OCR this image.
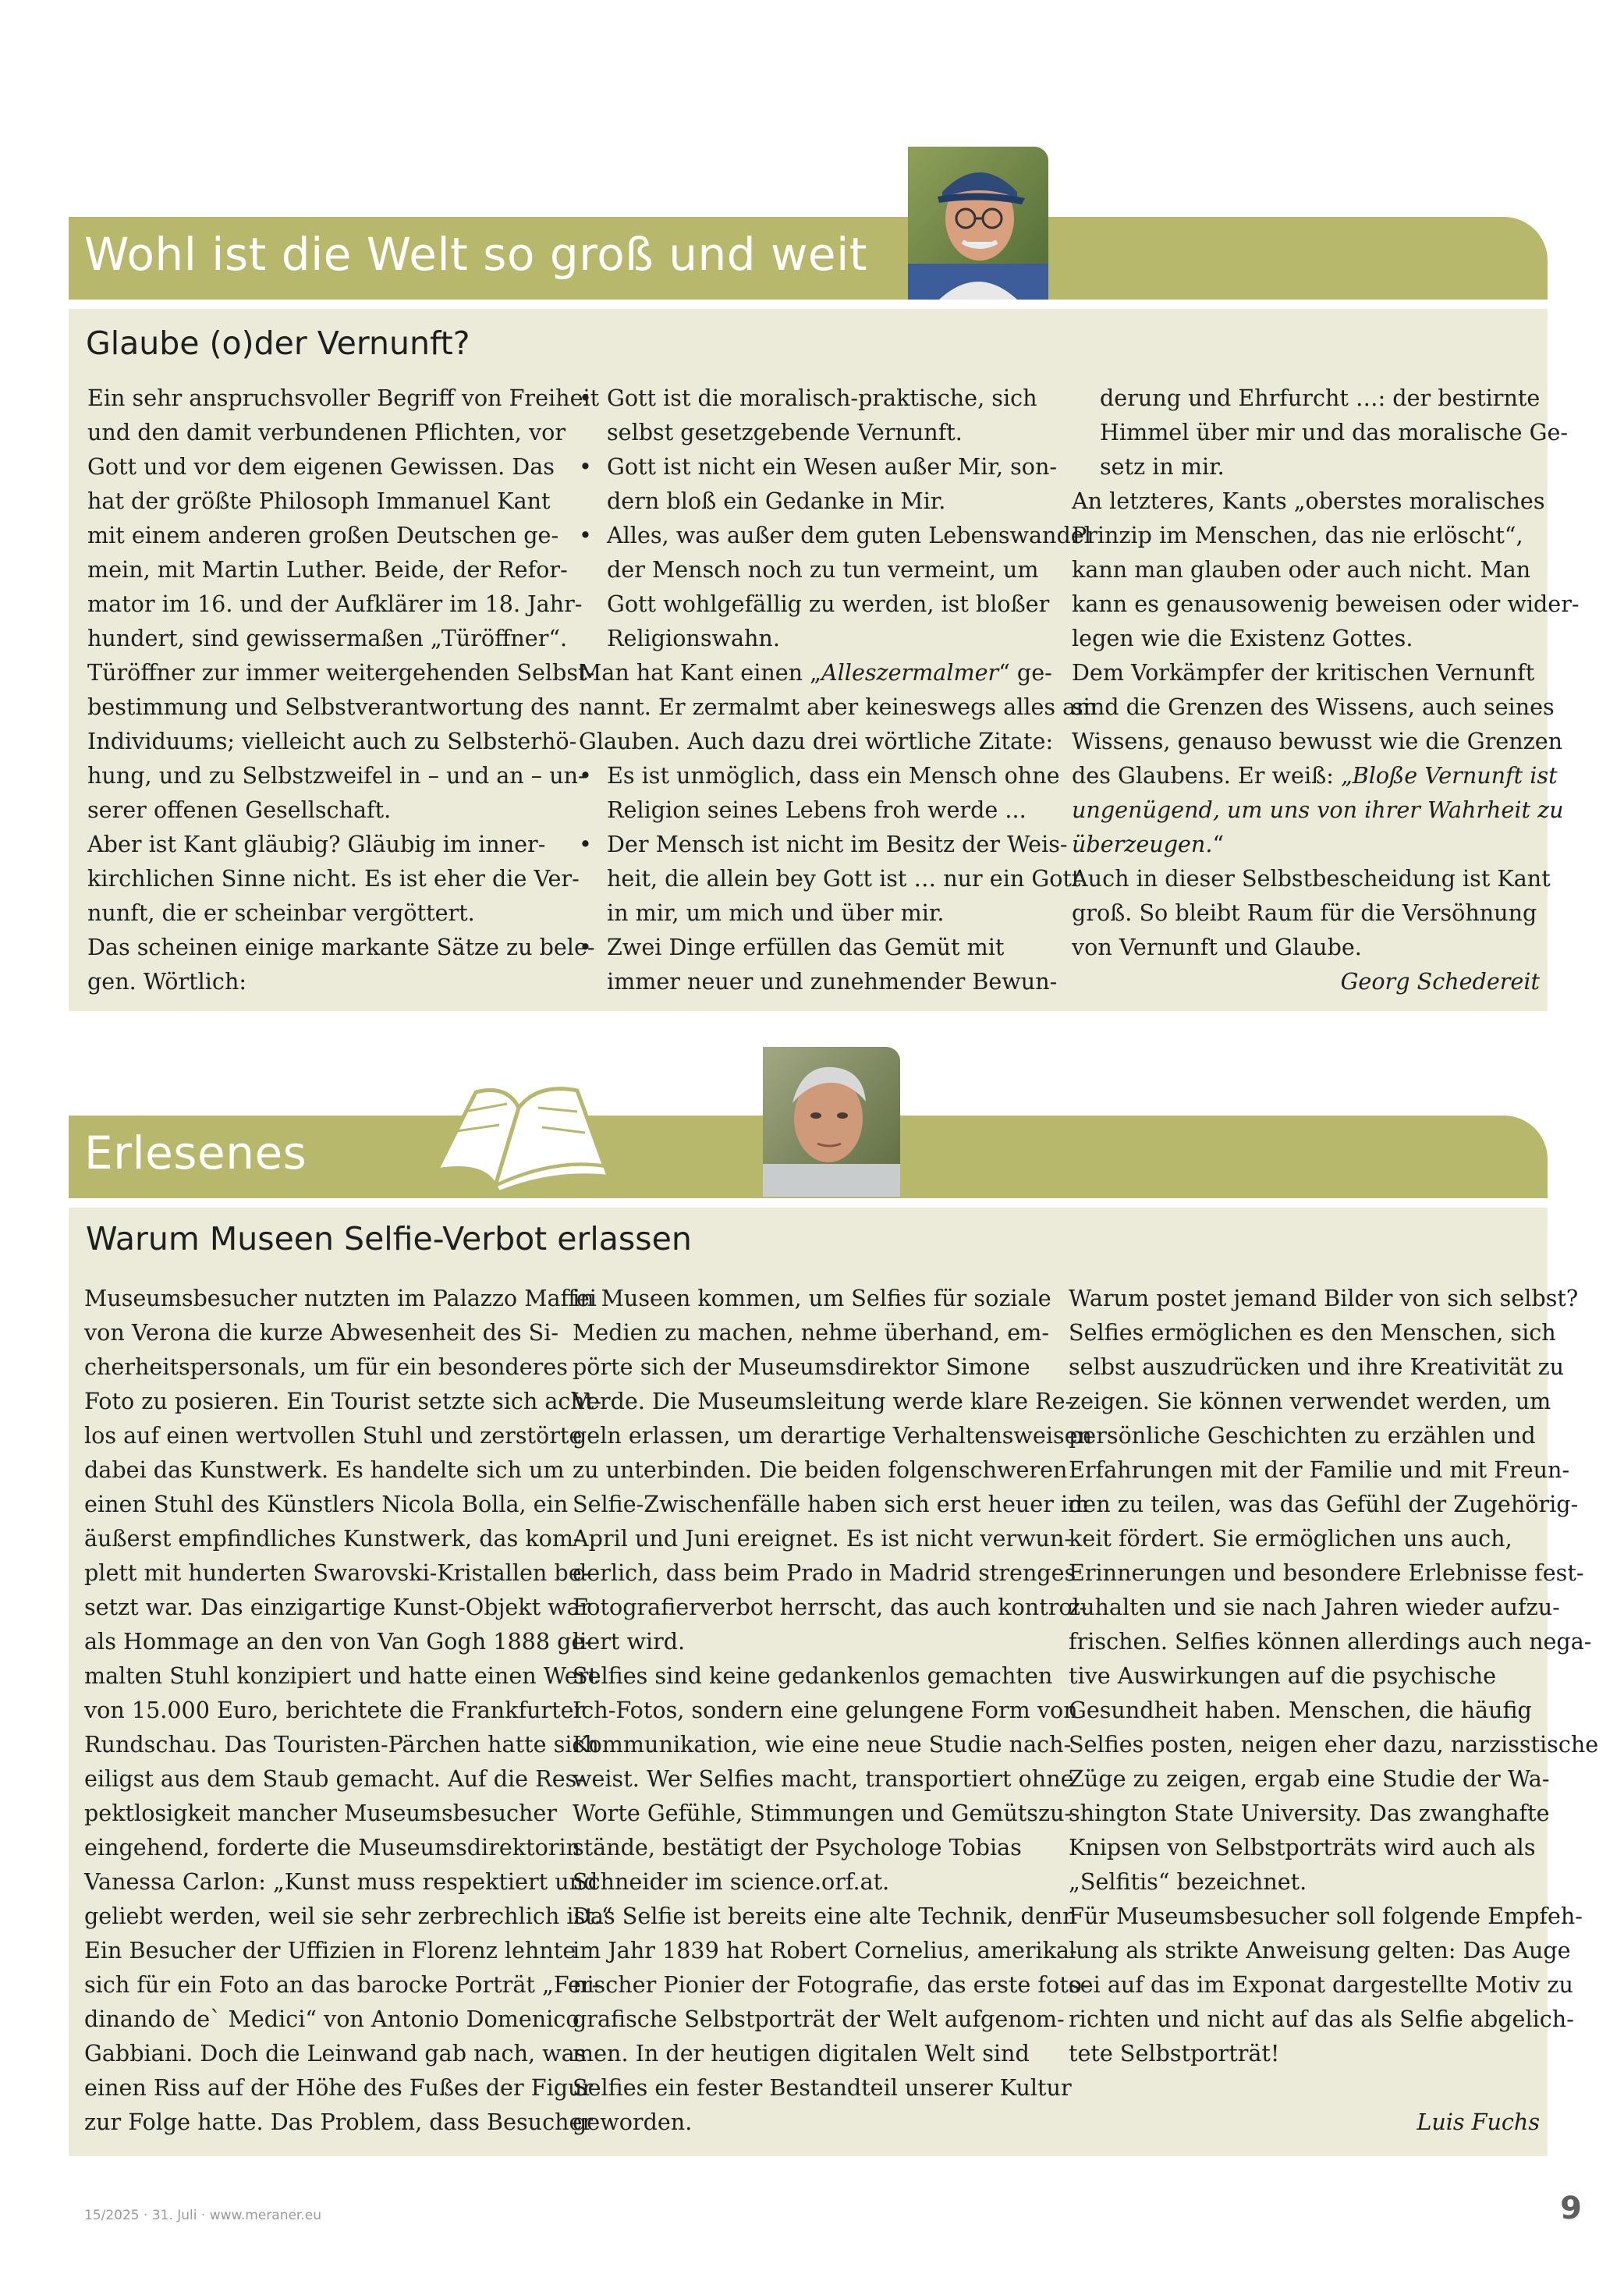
Wohl ist die Welt so groß und weit
Glaube (o)der Vernunft?

Ein sehr anspruchsvoller Begriff von Freiheit

und den damit verbundenen Pflichten, vor

Gott und vor dem eigenen Gewissen. Das

hat der größte Philosoph Immanuel Kant

mit einem anderen großen Deutschen ge-

mein, mit Martin Luther. Beide, der Refor-

mator im 16. und der Aufklärer im 18. Jahr-

hundert, sind gewissermaßen „Türöffner“.

Türöffner zur immer weitergehenden Selbst-

bestimmung und Selbstverantwortung des

Individuums; vielleicht auch zu Selbsterhö-

hung, und zu Selbstzweifel in – und an – un-

serer offenen Gesellschaft.

Aber ist Kant gläubig? Gläubig im inner-

kirchlichen Sinne nicht. Es ist eher die Ver-

nunft, die er scheinbar vergöttert.

Das scheinen einige markante Sätze zu bele-

gen. Wörtlich:

• Gott ist die moralisch-praktische, sich

selbst gesetzgebende Vernunft.

• Gott ist nicht ein Wesen außer Mir, son-

dern bloß ein Gedanke in Mir.

• Alles, was außer dem guten Lebenswandel

der Mensch noch zu tun vermeint, um

Gott wohlgefällig zu werden, ist bloßer

Religionswahn.

Man hat Kant einen „Alleszermalmer“ ge-

nannt. Er zermalmt aber keineswegs alles am

Glauben. Auch dazu drei wörtliche Zitate:

• Es ist unmöglich, dass ein Mensch ohne

Religion seines Lebens froh werde ...

• Der Mensch ist nicht im Besitz der Weis-

heit, die allein bey Gott ist … nur ein Gott

in mir, um mich und über mir.

• Zwei Dinge erfüllen das Gemüt mit

immer neuer und zunehmender Bewun-

derung und Ehrfurcht …: der bestirnte

Himmel über mir und das moralische Ge-

setz in mir.

An letzteres, Kants „oberstes moralisches

Prinzip im Menschen, das nie erlöscht“,

kann man glauben oder auch nicht. Man

kann es genausowenig beweisen oder wider-

legen wie die Existenz Gottes.

Dem Vorkämpfer der kritischen Vernunft

sind die Grenzen des Wissens, auch seines

Wissens, genauso bewusst wie die Grenzen

des Glaubens. Er weiß: „Bloße Vernunft ist

ungenügend, um uns von ihrer Wahrheit zu

überzeugen.“

Auch in dieser Selbstbescheidung ist Kant

groß. So bleibt Raum für die Versöhnung

von Vernunft und Glaube.

Georg Schedereit

Erlesenes
Warum Museen Selfie-Verbot erlassen

Museumsbesucher nutzten im Palazzo Maffei

von Verona die kurze Abwesenheit des Si-

cherheitspersonals, um für ein besonderes

Foto zu posieren. Ein Tourist setzte sich acht-

los auf einen wertvollen Stuhl und zerstörte

dabei das Kunstwerk. Es handelte sich um

einen Stuhl des Künstlers Nicola Bolla, ein

äußerst empfindliches Kunstwerk, das kom-

plett mit hunderten Swarovski-Kristallen be-

setzt war. Das einzigartige Kunst-Objekt war

als Hommage an den von Van Gogh 1888 ge-

malten Stuhl konzipiert und hatte einen Wert

von 15.000 Euro, berichtete die Frankfurter

Rundschau. Das Touristen-Pärchen hatte sich

eiligst aus dem Staub gemacht. Auf die Res-

pektlosigkeit mancher Museumsbesucher

eingehend, forderte die Museumsdirektorin

Vanessa Carlon: „Kunst muss respektiert und

geliebt werden, weil sie sehr zerbrechlich ist.“

Ein Besucher der Uffizien in Florenz lehnte

sich für ein Foto an das barocke Porträt „Fer-

dinando de` Medici“ von Antonio Domenico

Gabbiani. Doch die Leinwand gab nach, was

einen Riss auf der Höhe des Fußes der Figur

zur Folge hatte. Das Problem, dass Besucher

in Museen kommen, um Selfies für soziale

Medien zu machen, nehme überhand, em-

pörte sich der Museumsdirektor Simone

Verde. Die Museumsleitung werde klare Re-

geln erlassen, um derartige Verhaltensweisen

zu unterbinden. Die beiden folgenschweren

Selfie-Zwischenfälle haben sich erst heuer im

April und Juni ereignet. Es ist nicht verwun-

derlich, dass beim Prado in Madrid strenges

Fotografierverbot herrscht, das auch kontrol-

liert wird.

Selfies sind keine gedankenlos gemachten

Ich-Fotos, sondern eine gelungene Form von

Kommunikation, wie eine neue Studie nach-

weist. Wer Selfies macht, transportiert ohne

Worte Gefühle, Stimmungen und Gemütszu-

stände, bestätigt der Psychologe Tobias

Schneider im science.orf.at.

Das Selfie ist bereits eine alte Technik, denn

im Jahr 1839 hat Robert Cornelius, amerika-

nischer Pionier der Fotografie, das erste foto-

grafische Selbstporträt der Welt aufgenom-

men. In der heutigen digitalen Welt sind

Selfies ein fester Bestandteil unserer Kultur

geworden.

Warum postet jemand Bilder von sich selbst?

Selfies ermöglichen es den Menschen, sich

selbst auszudrücken und ihre Kreativität zu

zeigen. Sie können verwendet werden, um

persönliche Geschichten zu erzählen und

Erfahrungen mit der Familie und mit Freun-

den zu teilen, was das Gefühl der Zugehörig-

keit fördert. Sie ermöglichen uns auch,

Erinnerungen und besondere Erlebnisse fest-

zuhalten und sie nach Jahren wieder aufzu-

frischen. Selfies können allerdings auch nega-

tive Auswirkungen auf die psychische

Gesundheit haben. Menschen, die häufig

Selfies posten, neigen eher dazu, narzisstische

Züge zu zeigen, ergab eine Studie der Wa-

shington State University. Das zwanghafte

Knipsen von Selbstporträts wird auch als

„Selfitis“ bezeichnet.

Für Museumsbesucher soll folgende Empfeh-

lung als strikte Anweisung gelten: Das Auge

sei auf das im Exponat dargestellte Motiv zu

richten und nicht auf das als Selfie abgelich-

tete Selbstporträt!

Luis Fuchs

15/2025 · 31. Juli · www.meraner.eu	9
